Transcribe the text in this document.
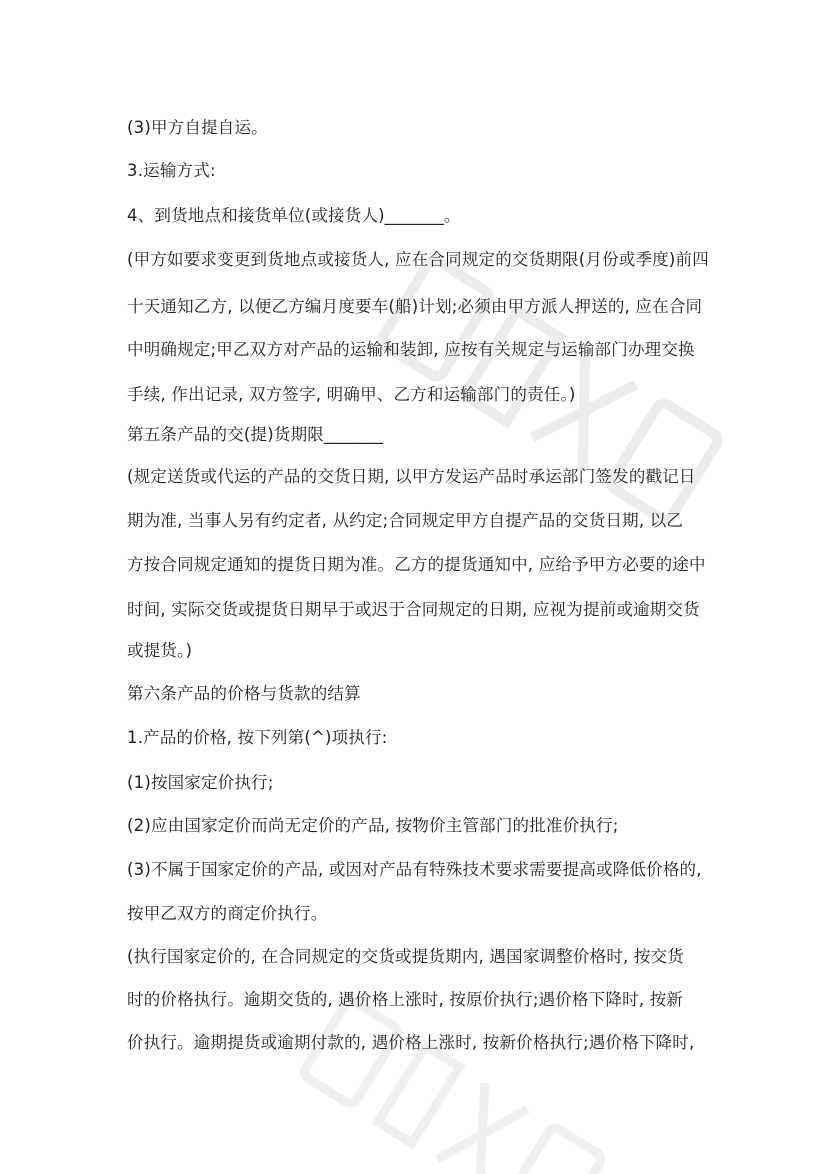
(3)甲方自提自运。
3.运输方式:
4、到货地点和接货单位(或接货人)_______。
(甲方如要求变更到货地点或接货人, 应在合同规定的交货期限(月份或季度)前四
十天通知乙方, 以便乙方编月度要车(船)计划;必须由甲方派人押送的, 应在合同
中明确规定;甲乙双方对产品的运输和装卸, 应按有关规定与运输部门办理交换
手续, 作出记录, 双方签字, 明确甲、乙方和运输部门的责任。)
第五条产品的交(提)货期限_______
(规定送货或代运的产品的交货日期, 以甲方发运产品时承运部门签发的戳记日
期为准, 当事人另有约定者, 从约定;合同规定甲方自提产品的交货日期, 以乙
方按合同规定通知的提货日期为准。乙方的提货通知中, 应给予甲方必要的途中
时间, 实际交货或提货日期早于或迟于合同规定的日期, 应视为提前或逾期交货
或提货。)
第六条产品的价格与货款的结算
1.产品的价格, 按下列第(^)项执行:
(1)按国家定价执行;
(2)应由国家定价而尚无定价的产品, 按物价主管部门的批准价执行;
(3)不属于国家定价的产品, 或因对产品有特殊技术要求需要提高或降低价格的,
按甲乙双方的商定价执行。
(执行国家定价的, 在合同规定的交货或提货期内, 遇国家调整价格时, 按交货
时的价格执行。逾期交货的, 遇价格上涨时, 按原价执行;遇价格下降时, 按新
价执行。逾期提货或逾期付款的, 遇价格上涨时, 按新价格执行;遇价格下降时,
